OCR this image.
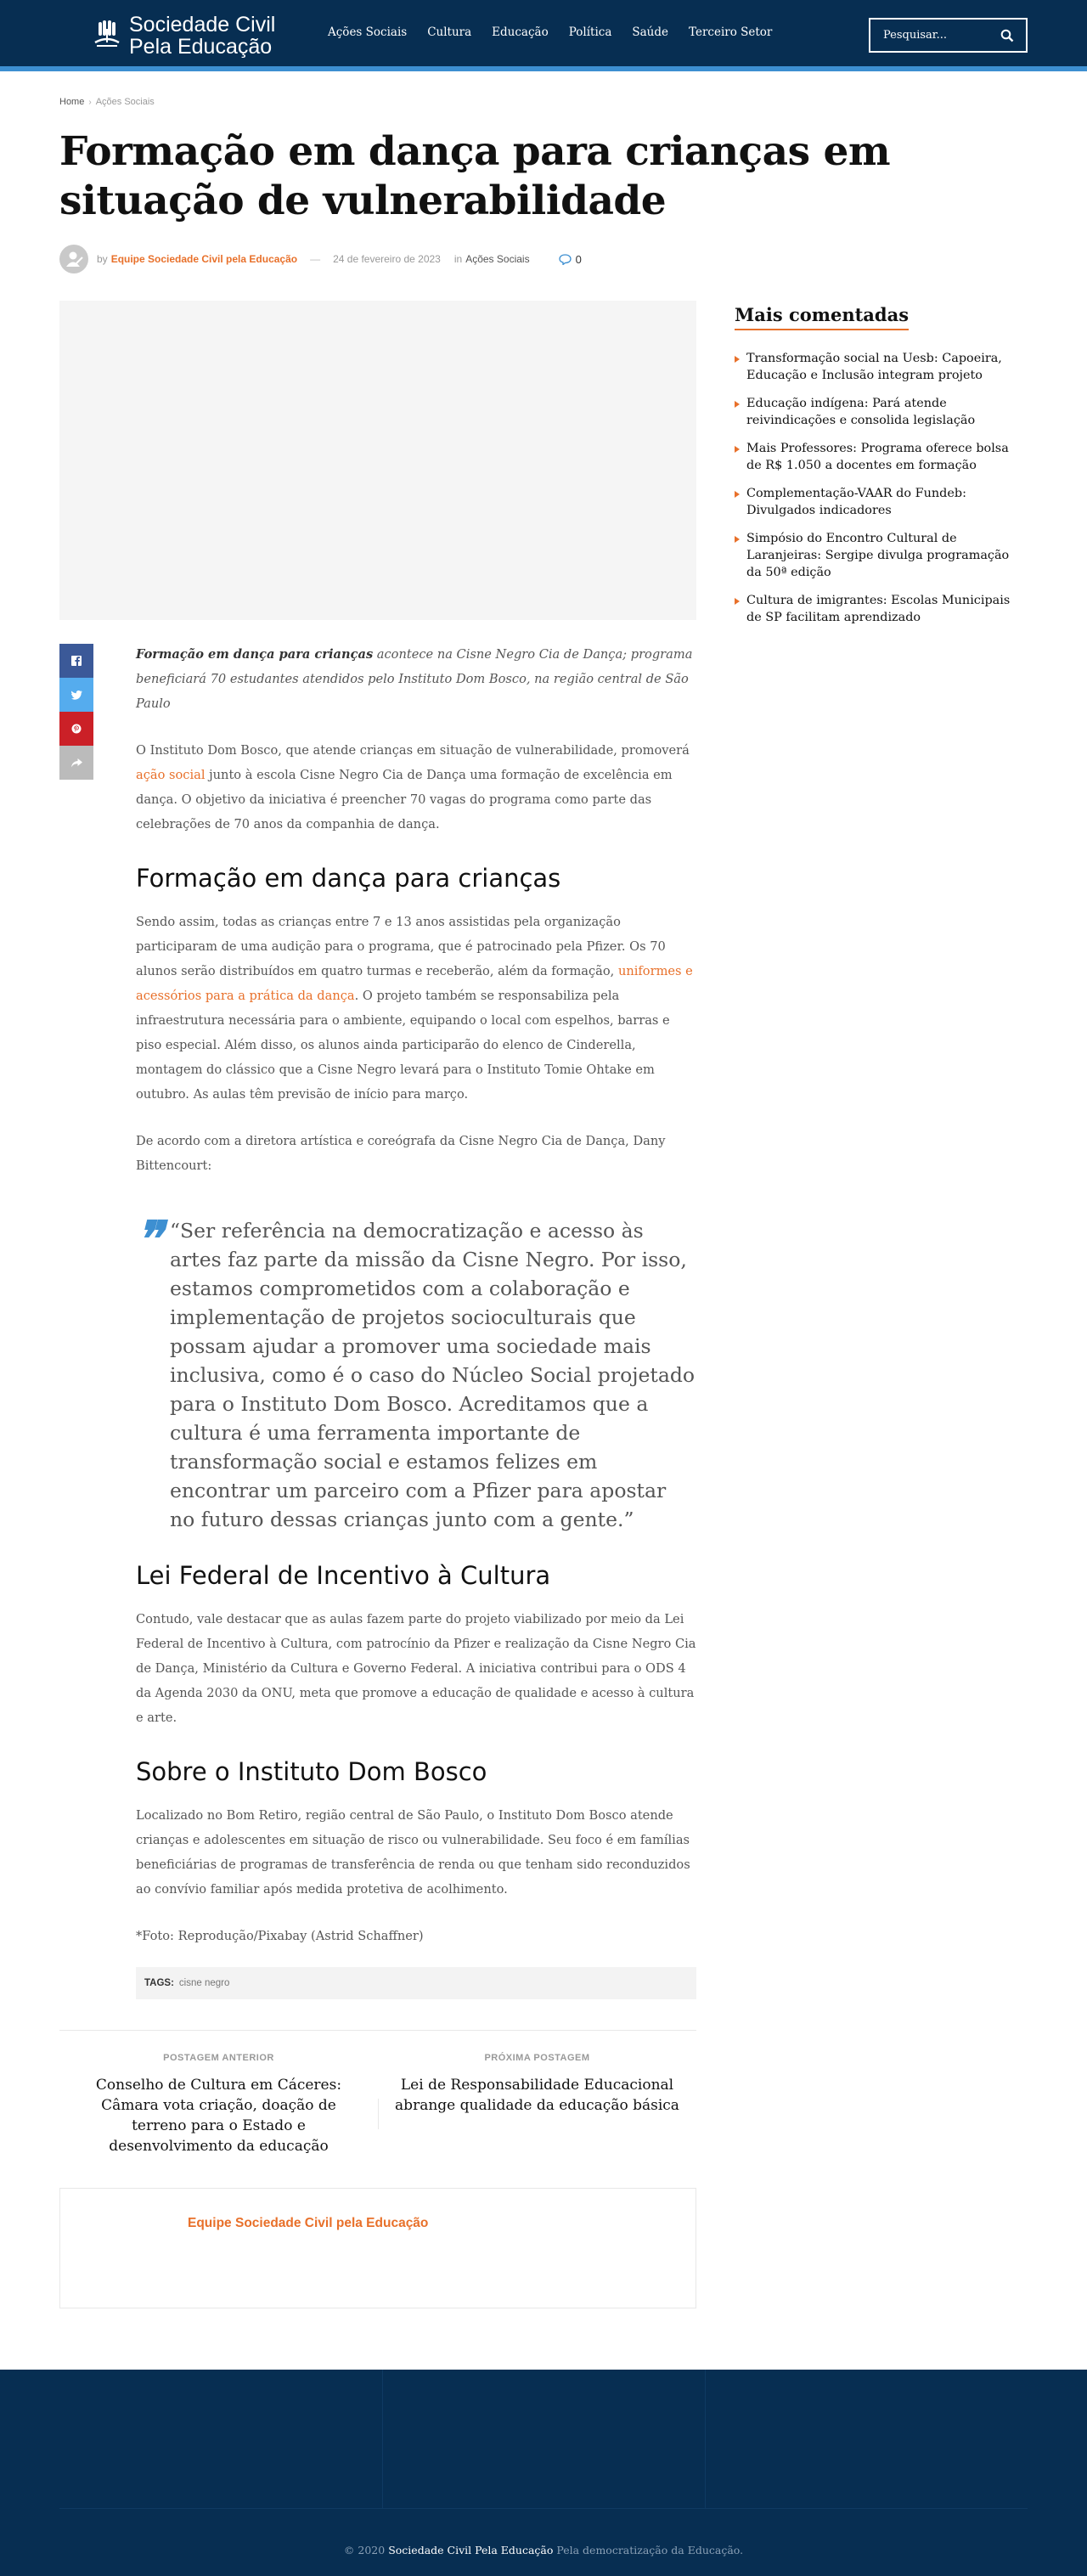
Sociedade Civil
Pela Educação
Ações Sociais Cultura Educação Política Saúde Terceiro Setor
Pesquisar...
Home › Ações Sociais
Formação em dança para crianças em situação de vulnerabilidade
by Equipe Sociedade Civil pela Educação — 24 de fevereiro de 2023 in Ações Sociais	0

Formação em dança para crianças acontece na Cisne Negro Cia de Dança; programa beneficiará 70 estudantes atendidos pelo Instituto Dom Bosco, na região central de São Paulo

O Instituto Dom Bosco, que atende crianças em situação de vulnerabilidade, promoverá ação social junto à escola Cisne Negro Cia de Dança uma formação de excelência em dança. O objetivo da iniciativa é preencher 70 vagas do programa como parte das celebrações de 70 anos da companhia de dança.

Formação em dança para crianças

Sendo assim, todas as crianças entre 7 e 13 anos assistidas pela organização participaram de uma audição para o programa, que é patrocinado pela Pfizer. Os 70 alunos serão distribuídos em quatro turmas e receberão, além da formação, uniformes e acessórios para a prática da dança. O projeto também se responsabiliza pela infraestrutura necessária para o ambiente, equipando o local com espelhos, barras e piso especial. Além disso, os alunos ainda participarão do elenco de Cinderella, montagem do clássico que a Cisne Negro levará para o Instituto Tomie Ohtake em outubro. As aulas têm previsão de início para março.

De acordo com a diretora artística e coreógrafa da Cisne Negro Cia de Dança, Dany Bittencourt:

❞ “Ser referência na democratização e acesso às artes faz parte da missão da Cisne Negro. Por isso, estamos comprometidos com a colaboração e implementação de projetos socioculturais que possam ajudar a promover uma sociedade mais inclusiva, como é o caso do Núcleo Social projetado para o Instituto Dom Bosco. Acreditamos que a cultura é uma ferramenta importante de transformação social e estamos felizes em encontrar um parceiro com a Pfizer para apostar no futuro dessas crianças junto com a gente.”
Lei Federal de Incentivo à Cultura

Contudo, vale destacar que as aulas fazem parte do projeto viabilizado por meio da Lei Federal de Incentivo à Cultura, com patrocínio da Pfizer e realização da Cisne Negro Cia de Dança, Ministério da Cultura e Governo Federal. A iniciativa contribui para o ODS 4 da Agenda 2030 da ONU, meta que promove a educação de qualidade e acesso à cultura e arte.

Sobre o Instituto Dom Bosco

Localizado no Bom Retiro, região central de São Paulo, o Instituto Dom Bosco atende crianças e adolescentes em situação de risco ou vulnerabilidade. Seu foco é em famílias beneficiárias de programas de transferência de renda ou que tenham sido reconduzidos ao convívio familiar após medida protetiva de acolhimento.

*Foto: Reprodução/Pixabay (Astrid Schaffner)

TAGS: cisne negro
POSTAGEM ANTERIOR
Conselho de Cultura em Cáceres: Câmara vota criação, doação de terreno para o Estado e desenvolvimento da educação
PRÓXIMA POSTAGEM
Lei de Responsabilidade Educacional abrange qualidade da educação básica
Equipe Sociedade Civil pela Educação
Mais comentadas
Transformação social na Uesb: Capoeira, Educação e Inclusão integram projeto
Educação indígena: Pará atende reivindicações e consolida legislação
Mais Professores: Programa oferece bolsa de R$ 1.050 a docentes em formação
Complementação-VAAR do Fundeb: Divulgados indicadores
Simpósio do Encontro Cultural de Laranjeiras: Sergipe divulga programação da 50ª edição
Cultura de imigrantes: Escolas Municipais de SP facilitam aprendizado
© 2020 Sociedade Civil Pela Educação Pela democratização da Educação.
